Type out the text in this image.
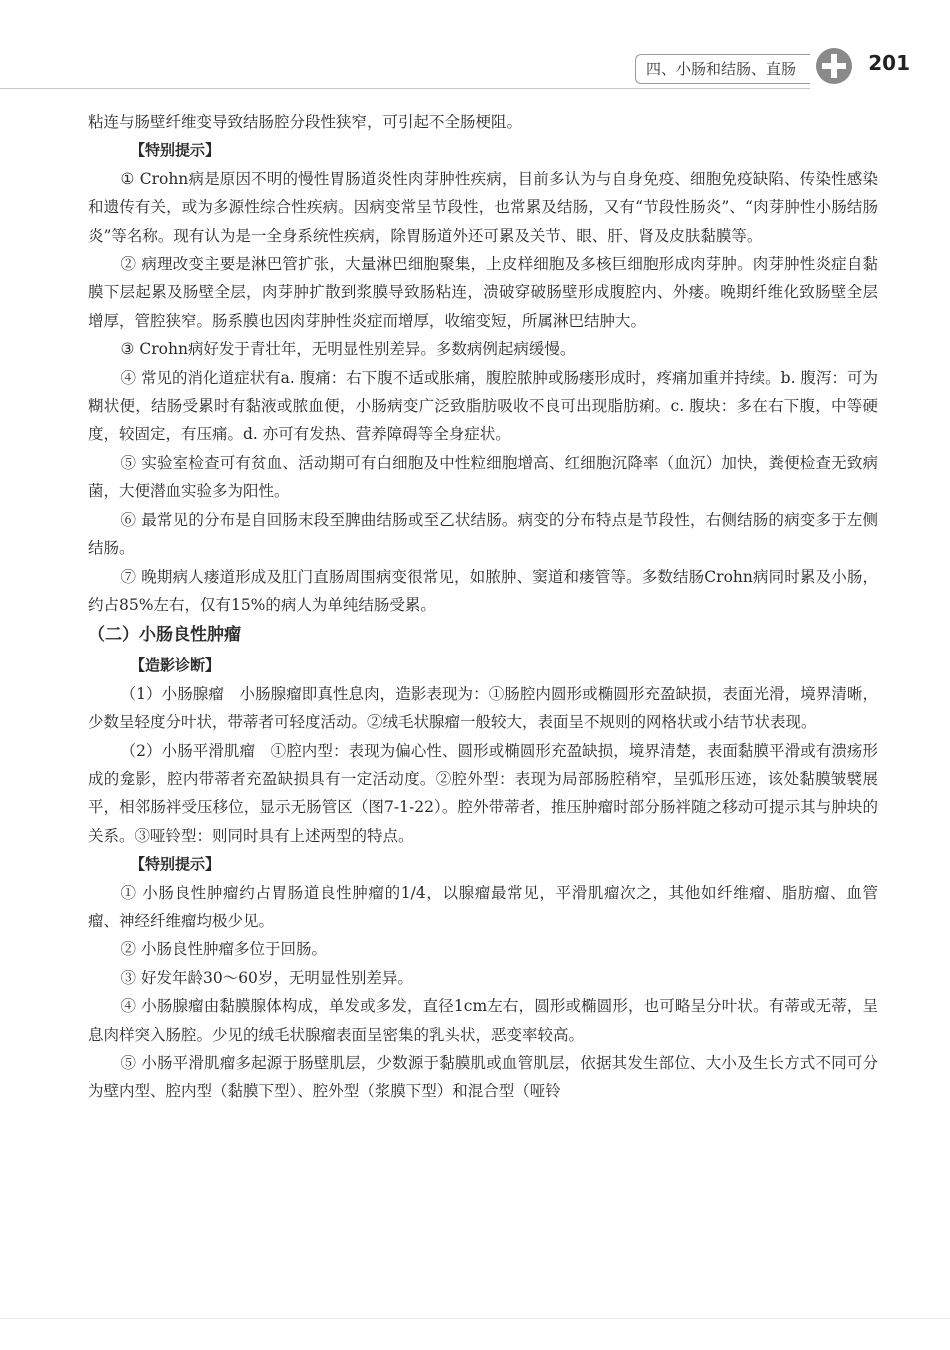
四、小肠和结肠、直肠	201

粘连与肠壁纤维变导致结肠腔分段性狭窄，可引起不全肠梗阻。

【特别提示】

① Crohn病是原因不明的慢性胃肠道炎性肉芽肿性疾病，目前多认为与自身免疫、细胞免疫缺陷、传染性感染和遗传有关，或为多源性综合性疾病。因病变常呈节段性，也常累及结肠，又有“节段性肠炎”、“肉芽肿性小肠结肠炎”等名称。现有认为是一全身系统性疾病，除胃肠道外还可累及关节、眼、肝、肾及皮肤黏膜等。

② 病理改变主要是淋巴管扩张，大量淋巴细胞聚集，上皮样细胞及多核巨细胞形成肉芽肿。肉芽肿性炎症自黏膜下层起累及肠壁全层，肉芽肿扩散到浆膜导致肠粘连，溃破穿破肠壁形成腹腔内、外瘘。晚期纤维化致肠壁全层增厚，管腔狭窄。肠系膜也因肉芽肿性炎症而增厚，收缩变短，所属淋巴结肿大。

③ Crohn病好发于青壮年，无明显性别差异。多数病例起病缓慢。

④ 常见的消化道症状有a. 腹痛：右下腹不适或胀痛，腹腔脓肿或肠瘘形成时，疼痛加重并持续。b. 腹泻：可为糊状便，结肠受累时有黏液或脓血便，小肠病变广泛致脂肪吸收不良可出现脂肪痢。c. 腹块：多在右下腹，中等硬度，较固定，有压痛。d. 亦可有发热、营养障碍等全身症状。

⑤ 实验室检查可有贫血、活动期可有白细胞及中性粒细胞增高、红细胞沉降率（血沉）加快，粪便检查无致病菌，大便潜血实验多为阳性。

⑥ 最常见的分布是自回肠末段至脾曲结肠或至乙状结肠。病变的分布特点是节段性，右侧结肠的病变多于左侧结肠。

⑦ 晚期病人瘘道形成及肛门直肠周围病变很常见，如脓肿、窦道和瘘管等。多数结肠Crohn病同时累及小肠，约占85%左右，仅有15%的病人为单纯结肠受累。

（二）小肠良性肿瘤

【造影诊断】

（1）小肠腺瘤　小肠腺瘤即真性息肉，造影表现为：①肠腔内圆形或椭圆形充盈缺损，表面光滑，境界清晰，少数呈轻度分叶状，带蒂者可轻度活动。②绒毛状腺瘤一般较大，表面呈不规则的网格状或小结节状表现。

（2）小肠平滑肌瘤　①腔内型：表现为偏心性、圆形或椭圆形充盈缺损，境界清楚，表面黏膜平滑或有溃疡形成的龛影，腔内带蒂者充盈缺损具有一定活动度。②腔外型：表现为局部肠腔稍窄，呈弧形压迹，该处黏膜皱襞展平，相邻肠袢受压移位，显示无肠管区（图7-1-22）。腔外带蒂者，推压肿瘤时部分肠袢随之移动可提示其与肿块的关系。③哑铃型：则同时具有上述两型的特点。

【特别提示】

① 小肠良性肿瘤约占胃肠道良性肿瘤的1/4，以腺瘤最常见，平滑肌瘤次之，其他如纤维瘤、脂肪瘤、血管瘤、神经纤维瘤均极少见。

② 小肠良性肿瘤多位于回肠。

③ 好发年龄30～60岁，无明显性别差异。

④ 小肠腺瘤由黏膜腺体构成，单发或多发，直径1cm左右，圆形或椭圆形，也可略呈分叶状。有蒂或无蒂，呈息肉样突入肠腔。少见的绒毛状腺瘤表面呈密集的乳头状，恶变率较高。

⑤ 小肠平滑肌瘤多起源于肠壁肌层，少数源于黏膜肌或血管肌层，依据其发生部位、大小及生长方式不同可分为壁内型、腔内型（黏膜下型）、腔外型（浆膜下型）和混合型（哑铃
